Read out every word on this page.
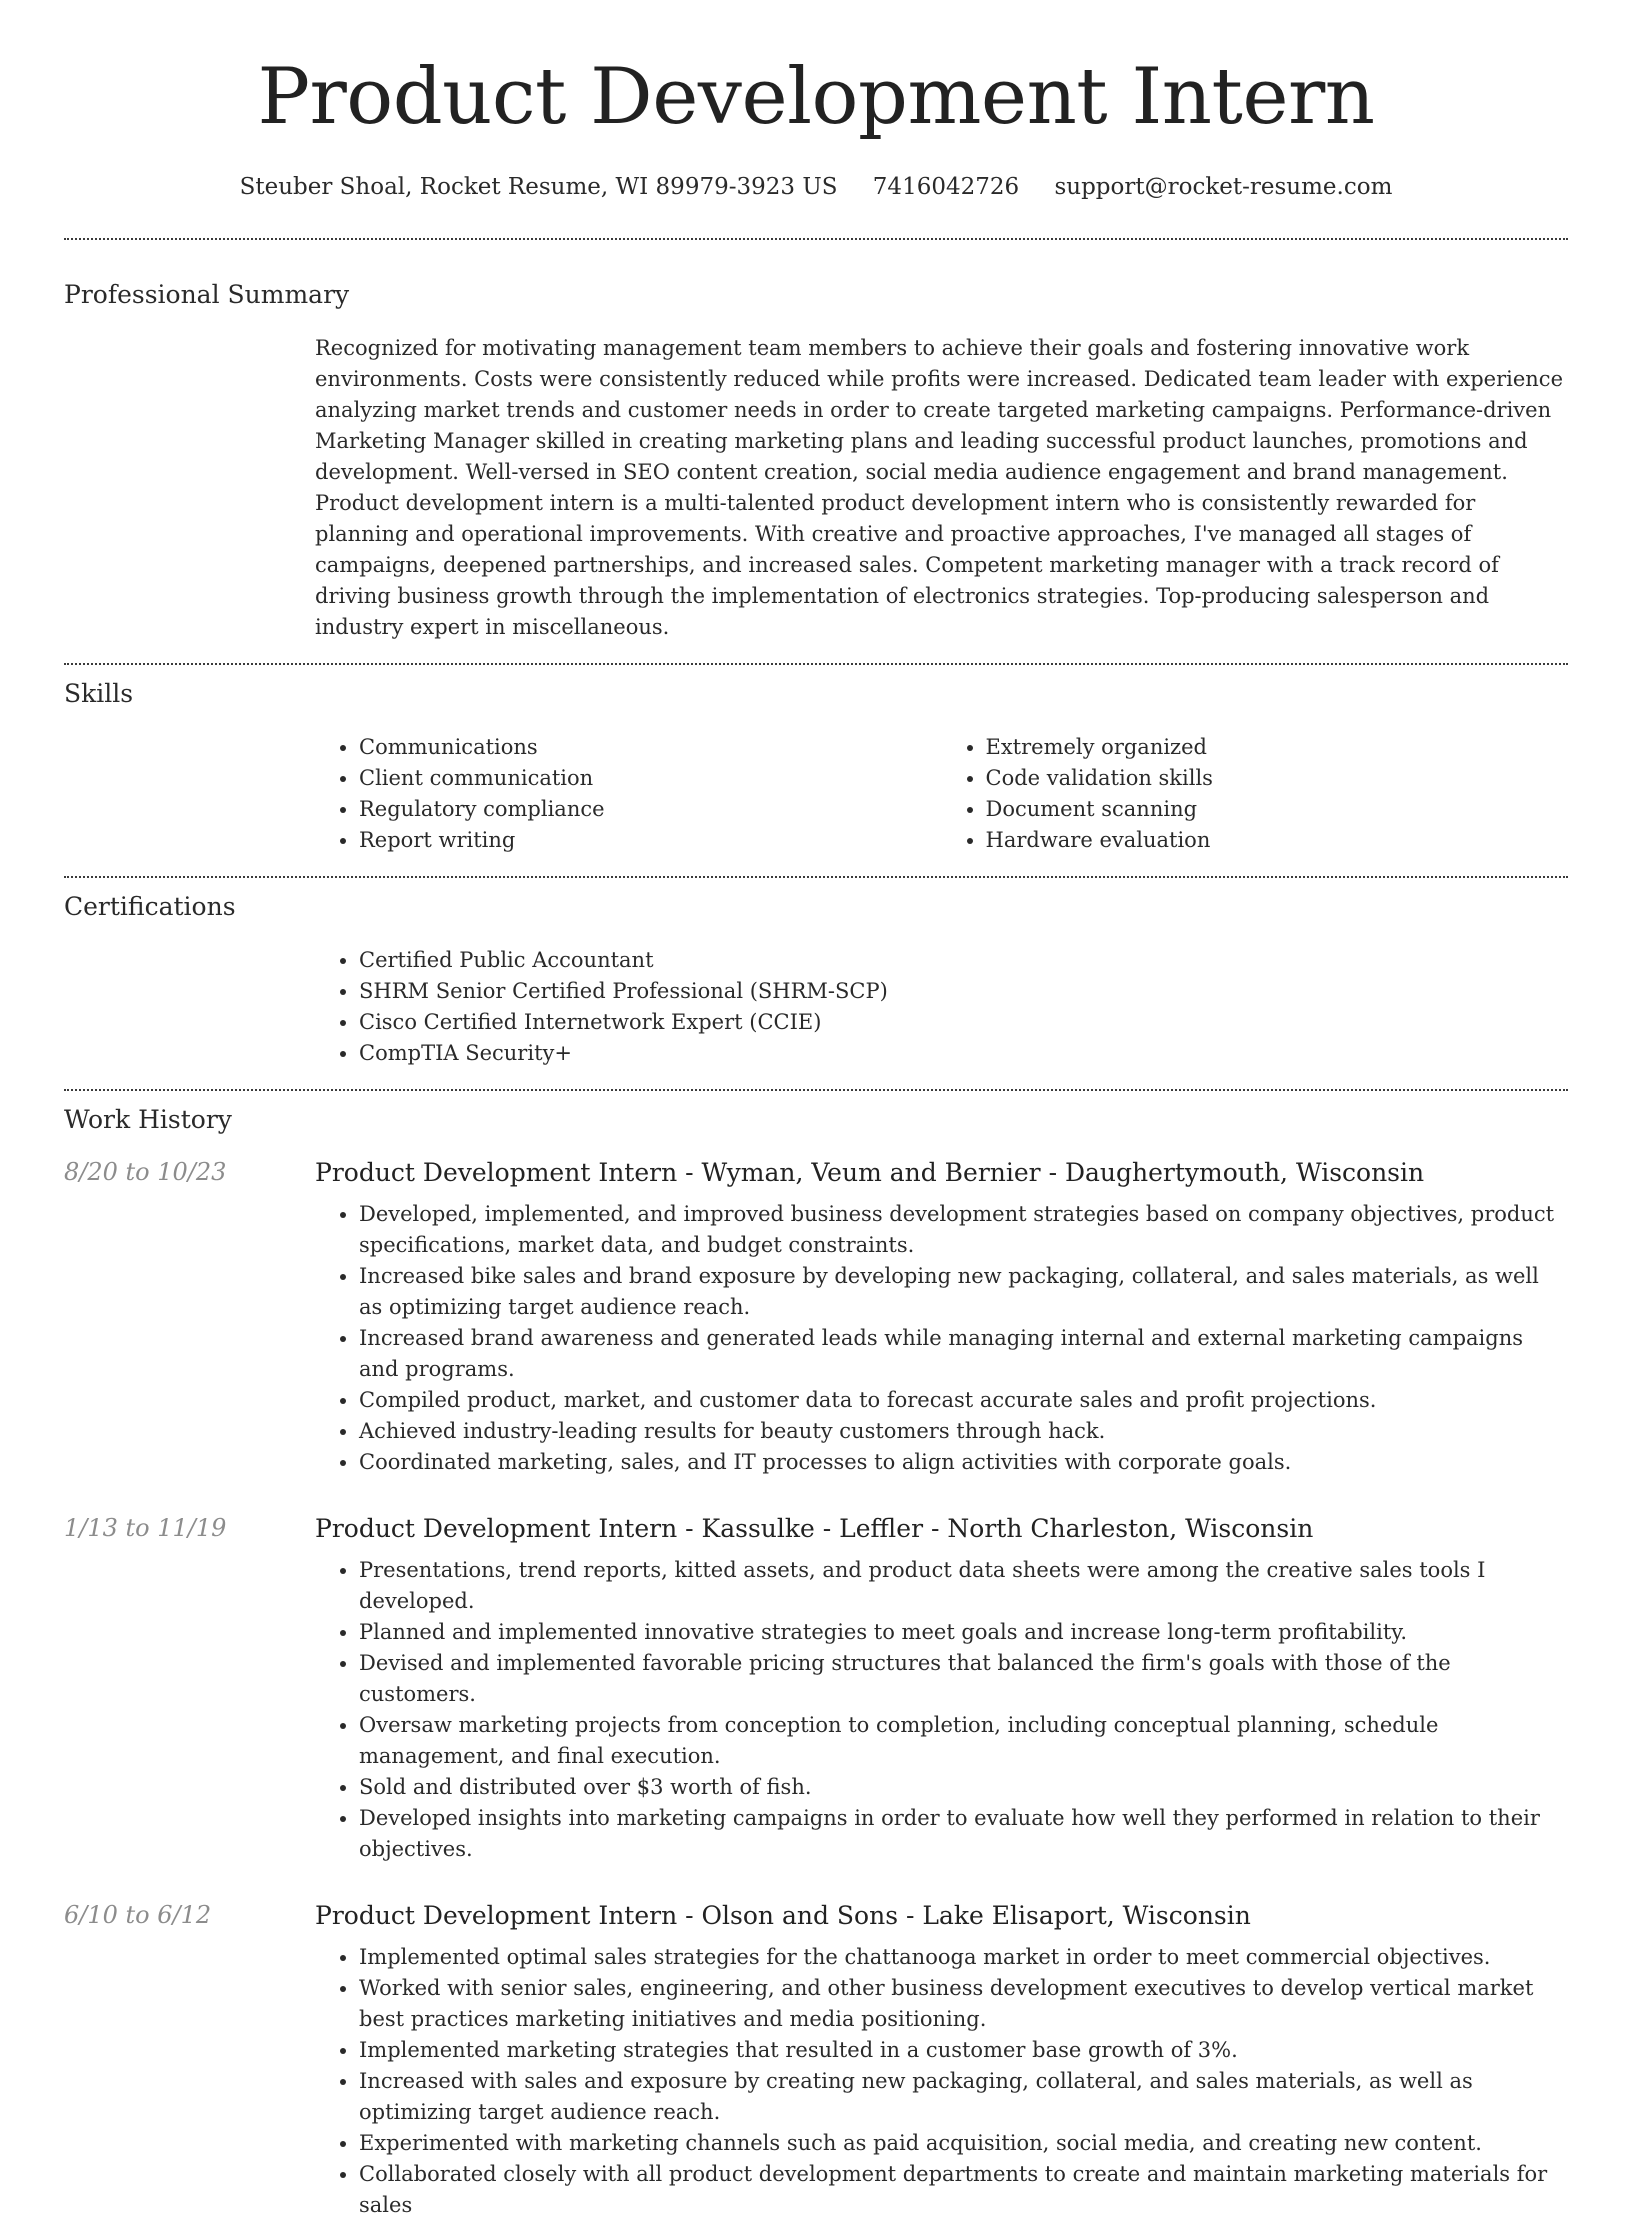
Product Development Intern
Steuber Shoal, Rocket Resume, WI 89979-3923 US 7416042726 support@rocket-resume.com
Professional Summary

Recognized for motivating management team members to achieve their goals and fostering innovative work environments. Costs were consistently reduced while profits were increased. Dedicated team leader with experience analyzing market trends and customer needs in order to create targeted marketing campaigns. Performance-driven Marketing Manager skilled in creating marketing plans and leading successful product launches, promotions and development. Well-versed in SEO content creation, social media audience engagement and brand management. Product development intern is a multi-talented product development intern who is consistently rewarded for planning and operational improvements. With creative and proactive approaches, I've managed all stages of campaigns, deepened partnerships, and increased sales. Competent marketing manager with a track record of driving business growth through the implementation of electronics strategies. Top-producing salesperson and industry expert in miscellaneous.

Skills
• Communications
• Client communication
• Regulatory compliance
• Report writing
• Extremely organized
• Code validation skills
• Document scanning
• Hardware evaluation
Certifications
• Certified Public Accountant
• SHRM Senior Certified Professional (SHRM-SCP)
• Cisco Certified Internetwork Expert (CCIE)
• CompTIA Security+
Work History
8/20 to 10/23	Product Development Intern - Wyman, Veum and Bernier - Daughertymouth, Wisconsin
• Developed, implemented, and improved business development strategies based on company objectives, product specifications, market data, and budget constraints.
• Increased bike sales and brand exposure by developing new packaging, collateral, and sales materials, as well as optimizing target audience reach.
• Increased brand awareness and generated leads while managing internal and external marketing campaigns and programs.
• Compiled product, market, and customer data to forecast accurate sales and profit projections.
• Achieved industry-leading results for beauty customers through hack.
• Coordinated marketing, sales, and IT processes to align activities with corporate goals.
1/13 to 11/19	Product Development Intern - Kassulke - Leffler - North Charleston, Wisconsin
• Presentations, trend reports, kitted assets, and product data sheets were among the creative sales tools I developed.
• Planned and implemented innovative strategies to meet goals and increase long-term profitability.
• Devised and implemented favorable pricing structures that balanced the firm's goals with those of the customers.
• Oversaw marketing projects from conception to completion, including conceptual planning, schedule management, and final execution.
• Sold and distributed over $3 worth of fish.
• Developed insights into marketing campaigns in order to evaluate how well they performed in relation to their objectives.
6/10 to 6/12	Product Development Intern - Olson and Sons - Lake Elisaport, Wisconsin
• Implemented optimal sales strategies for the chattanooga market in order to meet commercial objectives.
• Worked with senior sales, engineering, and other business development executives to develop vertical market best practices marketing initiatives and media positioning.
• Implemented marketing strategies that resulted in a customer base growth of 3%.
• Increased with sales and exposure by creating new packaging, collateral, and sales materials, as well as optimizing target audience reach.
• Experimented with marketing channels such as paid acquisition, social media, and creating new content.
• Collaborated closely with all product development departments to create and maintain marketing materials for sales
